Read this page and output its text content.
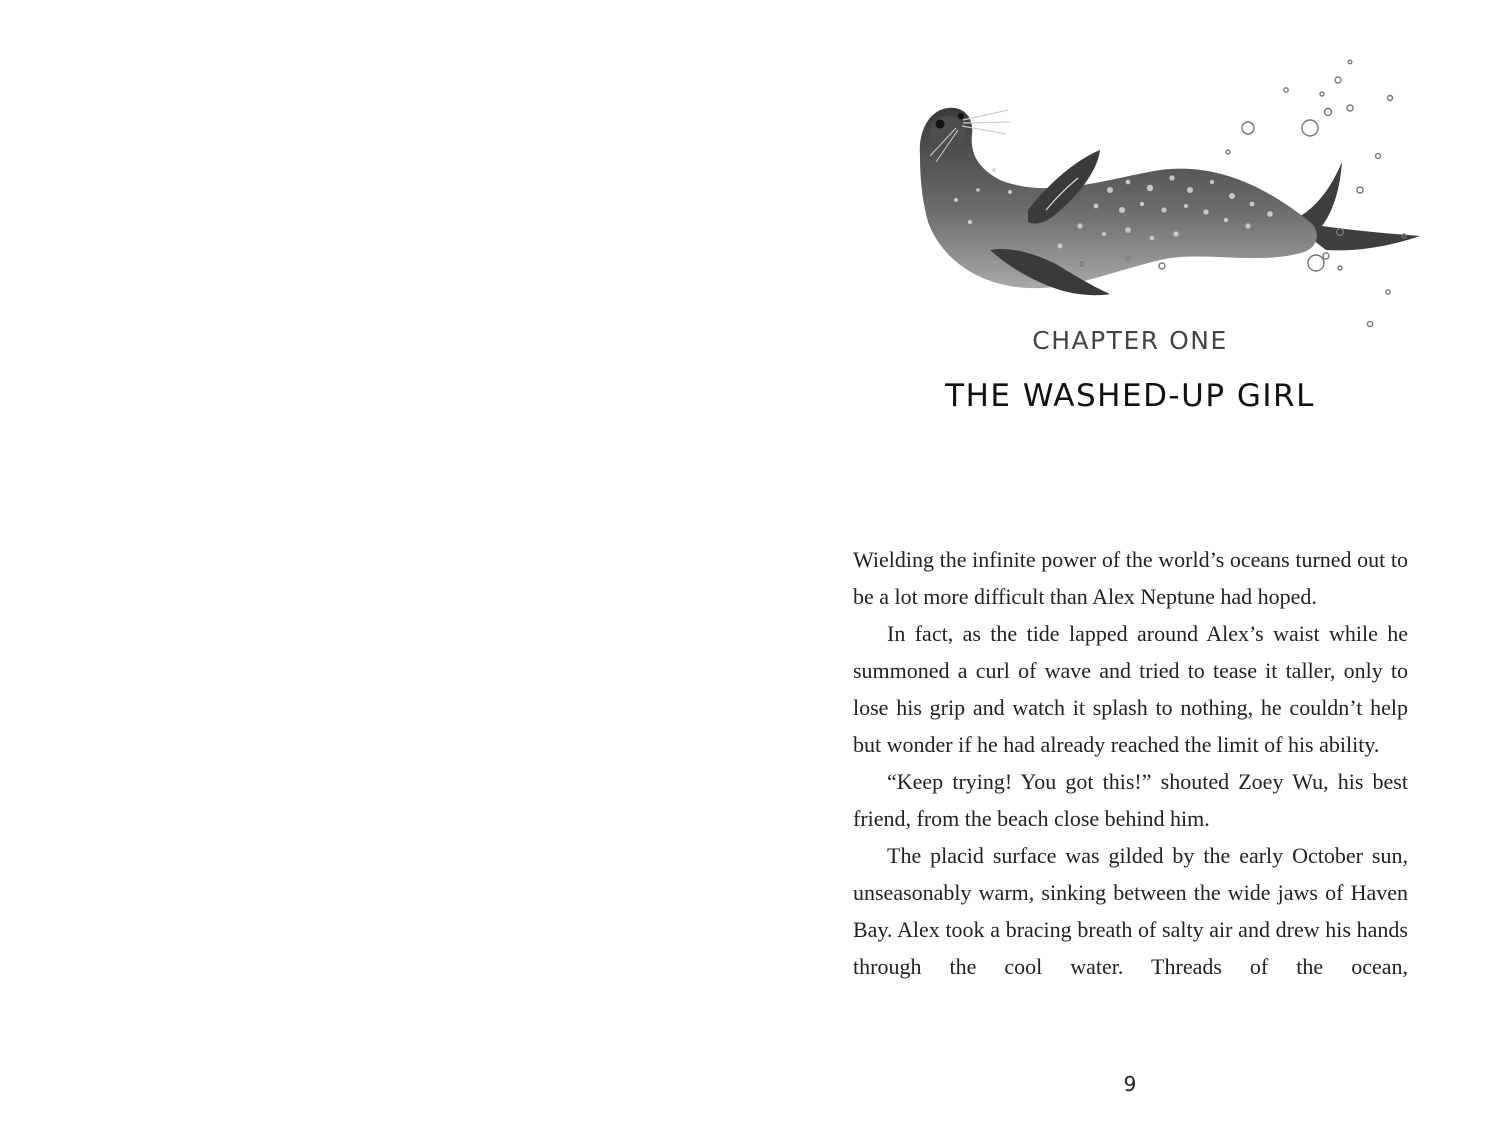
CHAPTER ONE
THE WASHED-UP GIRL

Wielding the infinite power of the world’s oceans turned out to be a lot more difficult than Alex Neptune had hoped.

In fact, as the tide lapped around Alex’s waist while he summoned a curl of wave and tried to tease it taller, only to lose his grip and watch it splash to nothing, he couldn’t help but wonder if he had already reached the limit of his ability.

“Keep trying! You got this!” shouted Zoey Wu, his best friend, from the beach close behind him.

The placid surface was gilded by the early October sun, unseasonably warm, sinking between the wide jaws of Haven Bay. Alex took a bracing breath of salty air and drew his hands through the cool water. Threads of the ocean,

9
